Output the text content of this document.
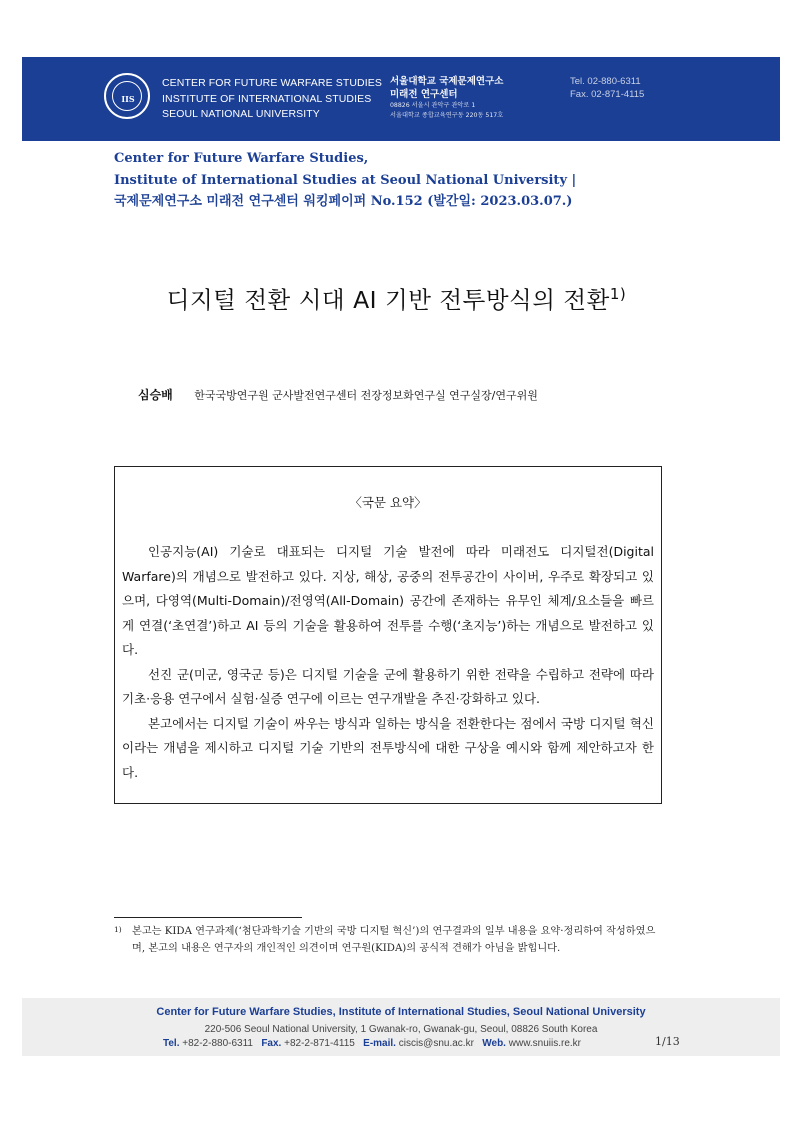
IIS
CENTER FOR FUTURE WARFARE STUDIES
INSTITUTE OF INTERNATIONAL STUDIES
SEOUL NATIONAL UNIVERSITY
서울대학교 국제문제연구소
미래전 연구센터
08826 서울시 관악구 관악로 1
서울대학교 종합교육연구동 220동 517호
Tel. 02-880-6311
Fax. 02-871-4115
Center for Future Warfare Studies,
Institute of International Studies at Seoul National University |
국제문제연구소 미래전 연구센터 워킹페이퍼 No.152 (발간일: 2023.03.07.)
디지털 전환 시대 AI 기반 전투방식의 전환$^{1)}$
심승배 한국국방연구원 군사발전연구센터 전장정보화연구실 연구실장/연구위원
〈국문 요약〉

인공지능(AI) 기술로 대표되는 디지털 기술 발전에 따라 미래전도 디지털전(Digital Warfare)의 개념으로 발전하고 있다. 지상, 해상, 공중의 전투공간이 사이버, 우주로 확장되고 있으며, 다영역(Multi-Domain)/전영역(All-Domain) 공간에 존재하는 유무인 체계/요소들을 빠르게 연결(‘초연결’)하고 AI 등의 기술을 활용하여 전투를 수행(‘초지능’)하는 개념으로 발전하고 있다.

선진 군(미군, 영국군 등)은 디지털 기술을 군에 활용하기 위한 전략을 수립하고 전략에 따라 기초·응용 연구에서 실험·실증 연구에 이르는 연구개발을 추진·강화하고 있다.

본고에서는 디지털 기술이 싸우는 방식과 일하는 방식을 전환한다는 점에서 국방 디지털 혁신이라는 개념을 제시하고 디지털 기술 기반의 전투방식에 대한 구상을 예시와 함께 제안하고자 한다.

1) 본고는 KIDA 연구과제(‘첨단과학기술 기반의 국방 디지털 혁신’)의 연구결과의 일부 내용을 요약·정리하여 작성하였으며, 본고의 내용은 연구자의 개인적인 의견이며 연구원(KIDA)의 공식적 견해가 아님을 밝힙니다.
Center for Future Warfare Studies, Institute of International Studies, Seoul National University
220-506 Seoul National University, 1 Gwanak-ro, Gwanak-gu, Seoul, 08826 South Korea
Tel. +82-2-880-6311 Fax. +82-2-871-4115 E-mail. ciscis@snu.ac.kr Web. www.snuiis.re.kr	1/13
